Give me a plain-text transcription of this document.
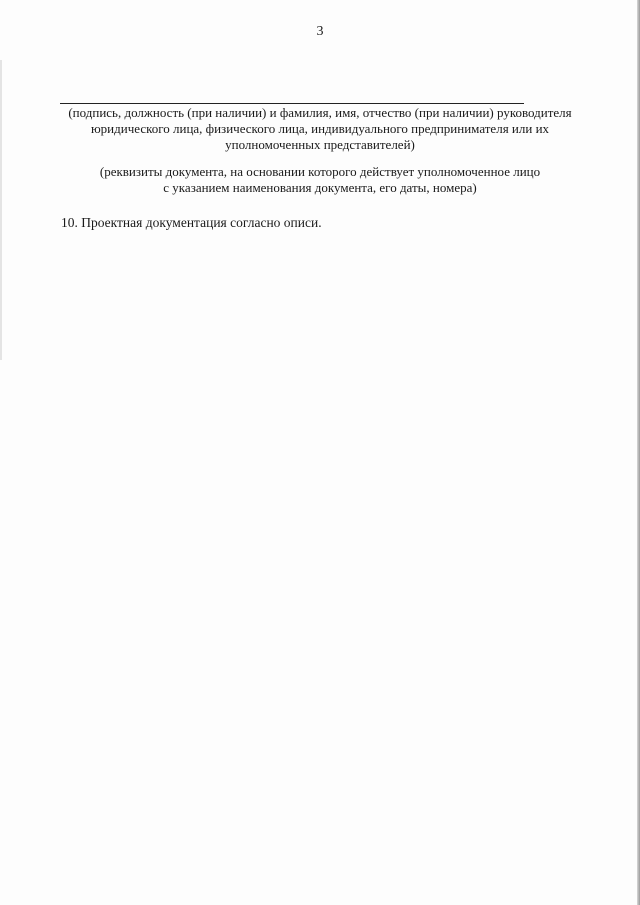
3
(подпись, должность (при наличии) и фамилия, имя, отчество (при наличии) руководителя
юридического лица, физического лица, индивидуального предпринимателя или их
уполномоченных представителей)
(реквизиты документа, на основании которого действует уполномоченное лицо
с указанием наименования документа, его даты, номера)
10. Проектная документация согласно описи.
